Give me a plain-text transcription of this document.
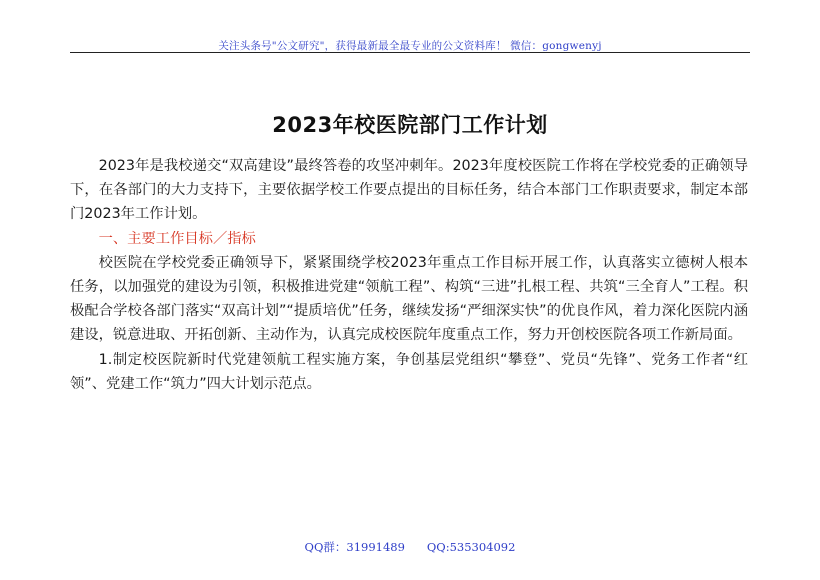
关注头条号"公文研究"，获得最新最全最专业的公文资料库！ 微信：gongwenyj
2023年校医院部门工作计划

2023年是我校递交“双高建设”最终答卷的攻坚冲刺年。2023年度校医院工作将在学校党委的正确领导下，在各部门的大力支持下，主要依据学校工作要点提出的目标任务，结合本部门工作职责要求，制定本部门2023年工作计划。

一、主要工作目标／指标

校医院在学校党委正确领导下，紧紧围绕学校2023年重点工作目标开展工作，认真落实立德树人根本任务，以加强党的建设为引领，积极推进党建“领航工程”、构筑“三进”扎根工程、共筑“三全育人”工程。积极配合学校各部门落实“双高计划”“提质培优”任务，继续发扬“严细深实快”的优良作风，着力深化医院内涵建设，锐意进取、开拓创新、主动作为，认真完成校医院年度重点工作，努力开创校医院各项工作新局面。

1.制定校医院新时代党建领航工程实施方案，争创基层党组织“攀登”、党员“先锋”、党务工作者“红领”、党建工作“筑力”四大计划示范点。

QQ群：31991489 QQ:535304092
